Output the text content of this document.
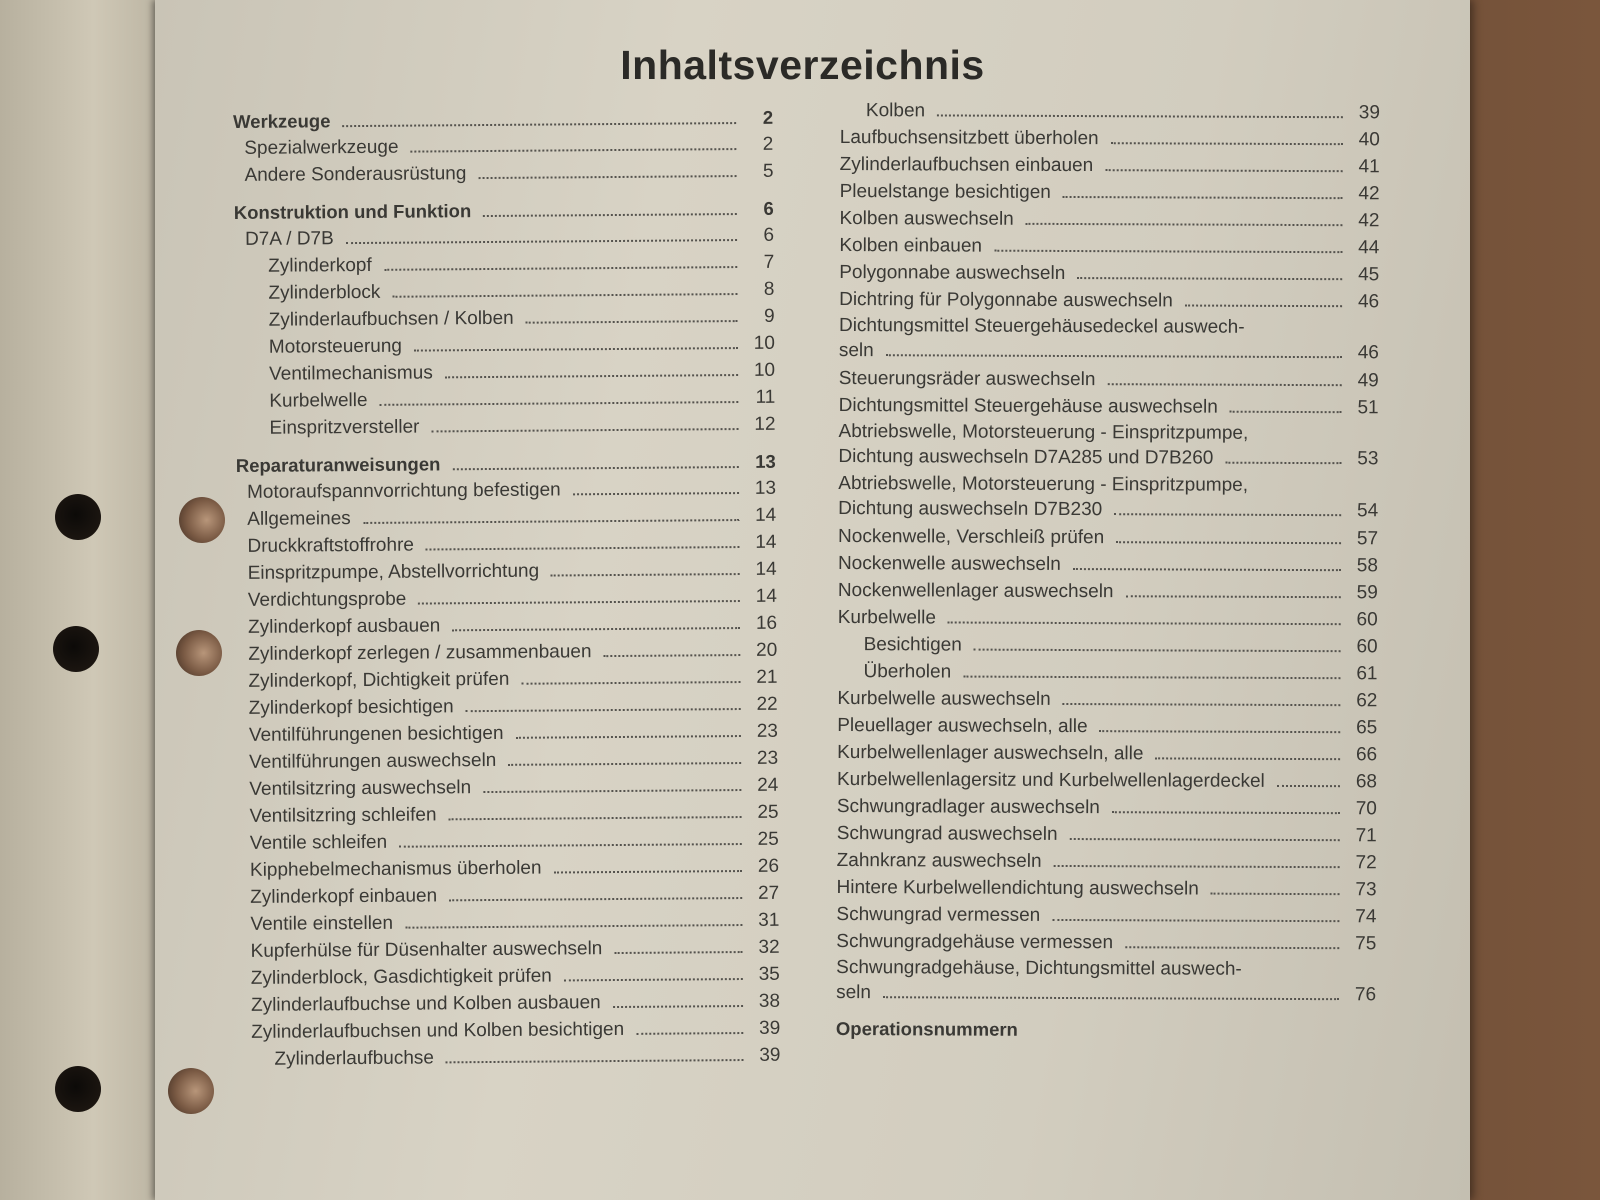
Inhaltsverzeichnis
Werkzeuge	2
Spezialwerkzeuge	2
Andere Sonderausrüstung	5
Konstruktion und Funktion	6
D7A / D7B	6
Zylinderkopf	7
Zylinderblock	8
Zylinderlaufbuchsen / Kolben	9
Motorsteuerung	10
Ventilmechanismus	10
Kurbelwelle	11
Einspritzversteller	12
Reparaturanweisungen	13
Motoraufspannvorrichtung befestigen	13
Allgemeines	14
Druckkraftstoffrohre	14
Einspritzpumpe, Abstellvorrichtung	14
Verdichtungsprobe	14
Zylinderkopf ausbauen	16
Zylinderkopf zerlegen / zusammenbauen	20
Zylinderkopf, Dichtigkeit prüfen	21
Zylinderkopf besichtigen	22
Ventilführungenen besichtigen	23
Ventilführungen auswechseln	23
Ventilsitzring auswechseln	24
Ventilsitzring schleifen	25
Ventile schleifen	25
Kipphebelmechanismus überholen	26
Zylinderkopf einbauen	27
Ventile einstellen	31
Kupferhülse für Düsenhalter auswechseln	32
Zylinderblock, Gasdichtigkeit prüfen	35
Zylinderlaufbuchse und Kolben ausbauen	38
Zylinderlaufbuchsen und Kolben besichtigen	39
Zylinderlaufbuchse	39
Kolben	39
Laufbuchsensitzbett überholen	40
Zylinderlaufbuchsen einbauen	41
Pleuelstange besichtigen	42
Kolben auswechseln	42
Kolben einbauen	44
Polygonnabe auswechseln	45
Dichtring für Polygonnabe auswechseln	46
Dichtungsmittel Steuergehäusedeckel auswech-
seln	46
Steuerungsräder auswechseln	49
Dichtungsmittel Steuergehäuse auswechseln	51
Abtriebswelle, Motorsteuerung - Einspritzpumpe,
Dichtung auswechseln D7A285 und D7B260	53
Abtriebswelle, Motorsteuerung - Einspritzpumpe,
Dichtung auswechseln D7B230	54
Nockenwelle, Verschleiß prüfen	57
Nockenwelle auswechseln	58
Nockenwellenlager auswechseln	59
Kurbelwelle	60
Besichtigen	60
Überholen	61
Kurbelwelle auswechseln	62
Pleuellager auswechseln, alle	65
Kurbelwellenlager auswechseln, alle	66
Kurbelwellenlagersitz und Kurbelwellenlagerdeckel	68
Schwungradlager auswechseln	70
Schwungrad auswechseln	71
Zahnkranz auswechseln	72
Hintere Kurbelwellendichtung auswechseln	73
Schwungrad vermessen	74
Schwungradgehäuse vermessen	75
Schwungradgehäuse, Dichtungsmittel auswech-
seln	76
Operationsnummern
